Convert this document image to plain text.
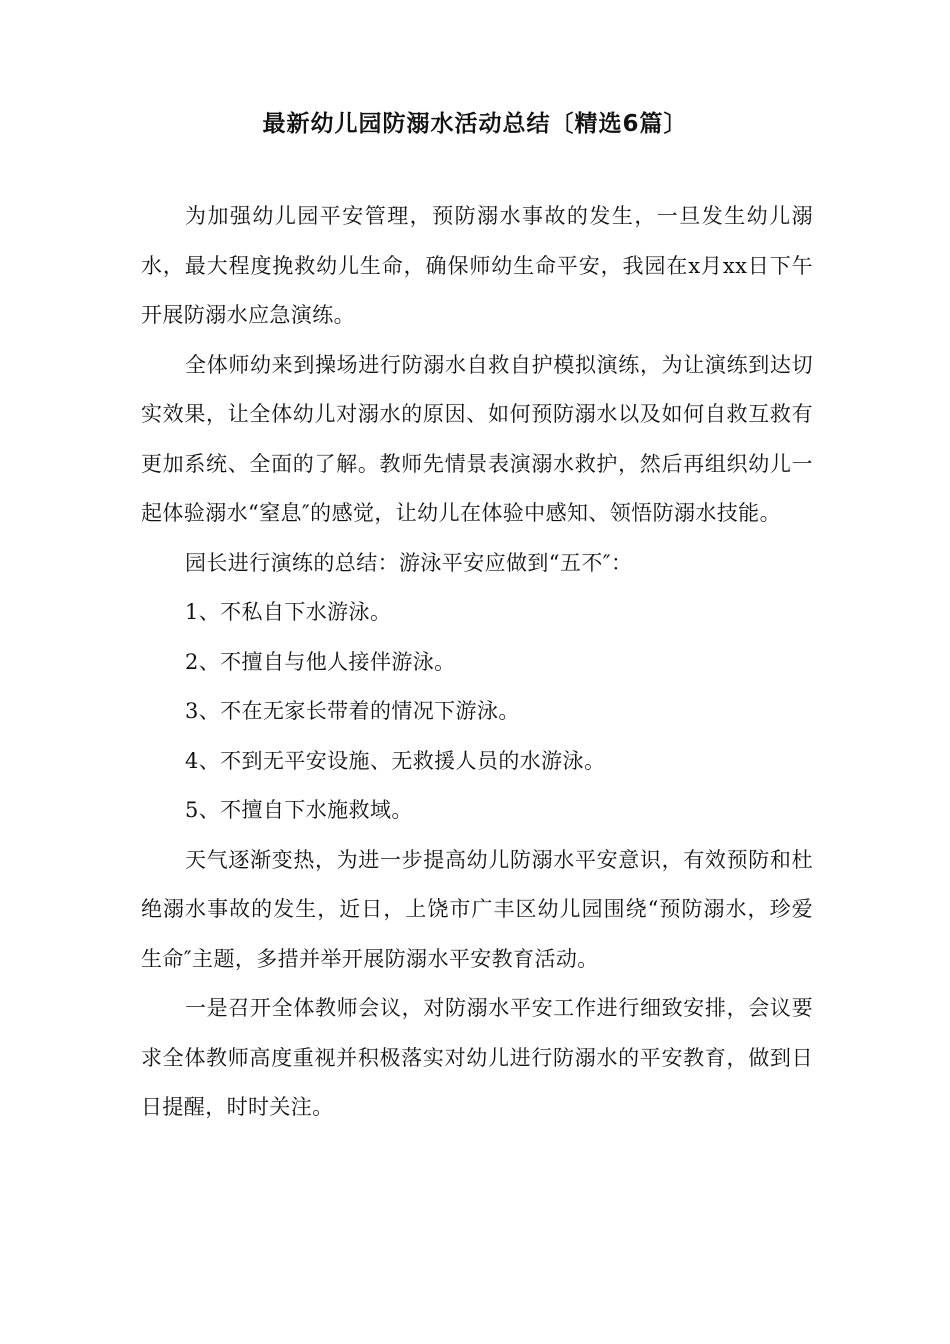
最新幼儿园防溺水活动总结〔精选6篇〕

为加强幼儿园平安管理，预防溺水事故的发生，一旦发生幼儿溺水，最大程度挽救幼儿生命，确保师幼生命平安，我园在x月xx日下午开展防溺水应急演练。

全体师幼来到操场进行防溺水自救自护模拟演练，为让演练到达切实效果，让全体幼儿对溺水的原因、如何预防溺水以及如何自救互救有更加系统、全面的了解。教师先情景表演溺水救护，然后再组织幼儿一起体验溺水“窒息″的感觉，让幼儿在体验中感知、领悟防溺水技能。

园长进行演练的总结：游泳平安应做到“五不″：

1、不私自下水游泳。

2、不擅自与他人接伴游泳。

3、不在无家长带着的情况下游泳。

4、不到无平安设施、无救援人员的水游泳。

5、不擅自下水施救域。

天气逐渐变热，为进一步提高幼儿防溺水平安意识，有效预防和杜绝溺水事故的发生，近日，上饶市广丰区幼儿园围绕“预防溺水，珍爱生命″主题，多措并举开展防溺水平安教育活动。

一是召开全体教师会议，对防溺水平安工作进行细致安排，会议要求全体教师高度重视并积极落实对幼儿进行防溺水的平安教育，做到日日提醒，时时关注。
